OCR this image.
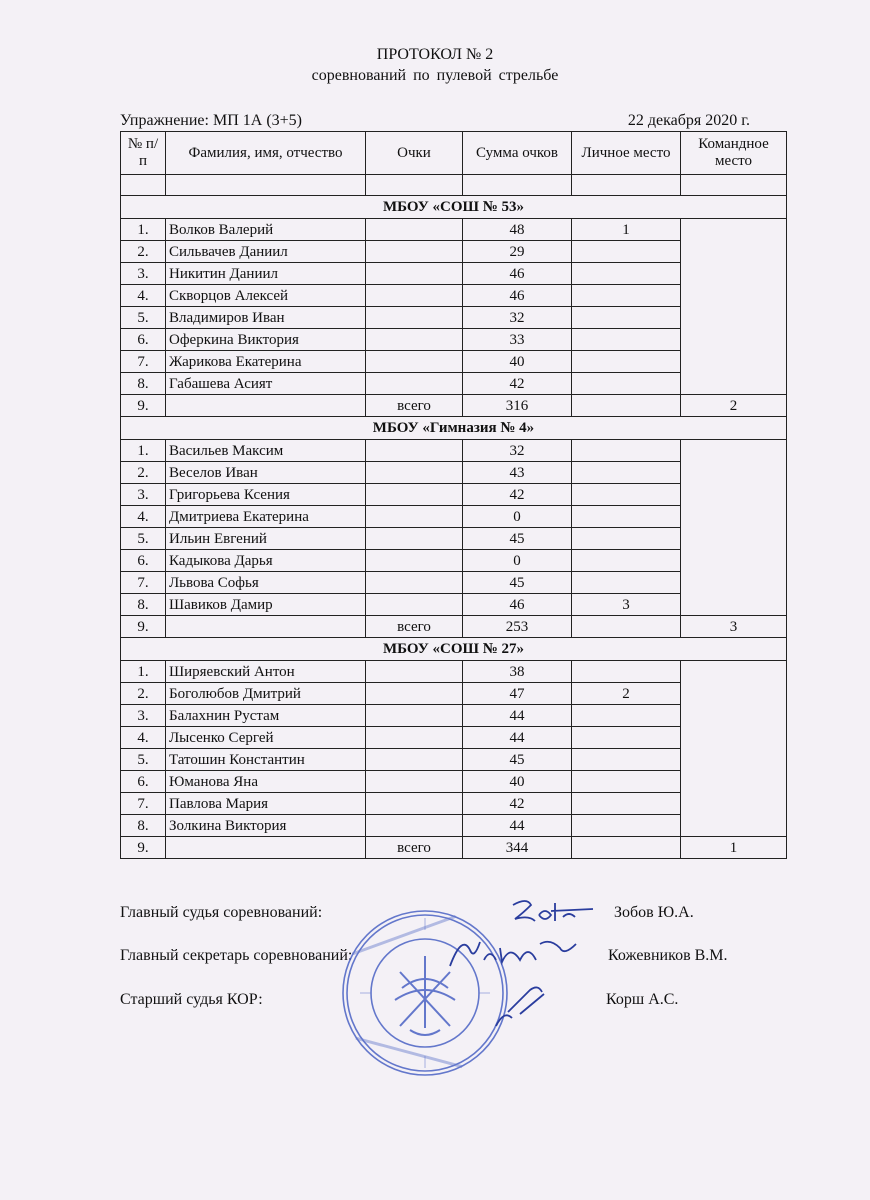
ПРОТОКОЛ № 2
соревнований по пулевой стрельбе
Упражнение: МП 1А (3+5)	22 декабря 2020 г.
№ п/п	Фамилия, имя, отчество	Очки	Сумма очков	Личное место	Командное место

МБОУ «СОШ № 53»					
1.	Волков Валерий		48	1	
2.	Сильвачев Даниил		29		
3.	Никитин Даниил		46		
4.	Скворцов Алексей		46		
5.	Владимиров Иван		32		
6.	Оферкина Виктория		33		
7.	Жарикова Екатерина		40		
8.	Габашева Асият		42		
9.		всего	316		2
МБОУ «Гимназия № 4»					
1.	Васильев Максим		32		
2.	Веселов Иван		43		
3.	Григорьева Ксения		42		
4.	Дмитриева Екатерина		0		
5.	Ильин Евгений		45		
6.	Кадыкова Дарья		0		
7.	Львова Софья		45		
8.	Шавиков Дамир		46	3	
9.		всего	253		3
МБОУ «СОШ № 27»					
1.	Ширяевский Антон		38		
2.	Боголюбов Дмитрий		47	2	
3.	Балахнин Рустам		44		
4.	Лысенко Сергей		44		
5.	Татошин Константин		45		
6.	Юманова Яна		40		
7.	Павлова Мария		42		
8.	Золкина Виктория		44		
9.		всего	344		1
Главный судья соревнований:	Зобов Ю.А.
Главный секретарь соревнований:	Кожевников В.М.
Старший судья КОР:	Корш А.С.
